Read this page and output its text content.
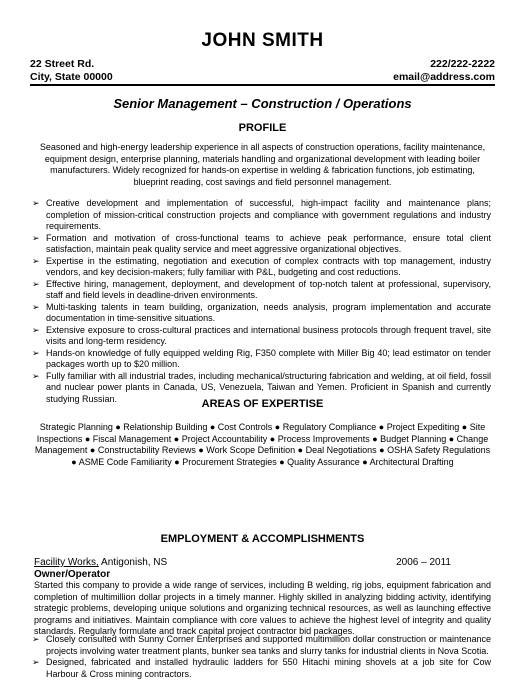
JOHN SMITH
22 Street Rd.
City, State 00000
222/222-2222
email@address.com
Senior Management – Construction / Operations
PROFILE
Seasoned and high-energy leadership experience in all aspects of construction operations, facility maintenance, equipment design, enterprise planning, materials handling and organizational development with leading boiler manufacturers. Widely recognized for hands-on expertise in welding & fabrication functions, job estimating, blueprint reading, cost savings and field personnel management.
➢ Creative development and implementation of successful, high-impact facility and maintenance plans; completion of mission-critical construction projects and compliance with government regulations and industry requirements.
➢ Formation and motivation of cross-functional teams to achieve peak performance, ensure total client satisfaction, maintain peak quality service and meet aggressive organizational objectives.
➢ Expertise in the estimating, negotiation and execution of complex contracts with top management, industry vendors, and key decision-makers; fully familiar with P&L, budgeting and cost reductions.
➢ Effective hiring, management, deployment, and development of top-notch talent at professional, supervisory, staff and field levels in deadline-driven environments.
➢ Multi-tasking talents in team building, organization, needs analysis, program implementation and accurate documentation in time-sensitive situations.
➢ Extensive exposure to cross-cultural practices and international business protocols through frequent travel, site visits and long-term residency.
➢ Hands-on knowledge of fully equipped welding Rig, F350 complete with Miller Big 40; lead estimator on tender packages worth up to $20 million.
➢ Fully familiar with all industrial trades, including mechanical/structuring fabrication and welding, at oil field, fossil and nuclear power plants in Canada, US, Venezuela, Taiwan and Yemen. Proficient in Spanish and currently studying Russian.	AREAS OF EXPERTISE
Strategic Planning ● Relationship Building ● Cost Controls ● Regulatory Compliance ● Project Expediting ● Site Inspections ● Fiscal Management ● Project Accountability ● Process Improvements ● Budget Planning ● Change Management ● Constructability Reviews ● Work Scope Definition ● Deal Negotiations ● OSHA Safety Regulations ● ASME Code Familiarity ● Procurement Strategies ● Quality Assurance ● Architectural Drafting
EMPLOYMENT & ACCOMPLISHMENTS
Facility Works, Antigonish, NS	2006 – 2011
Owner/Operator
Started this company to provide a wide range of services, including B welding, rig jobs, equipment fabrication and completion of multimillion dollar projects in a timely manner. Highly skilled in analyzing bidding activity, identifying strategic problems, developing unique solutions and organizing technical resources, as well as launching effective programs and initiatives. Maintain compliance with core values to achieve the highest level of integrity and quality standards. Regularly formulate and track capital project contractor bid packages.
➢ Closely consulted with Sunny Corner Enterprises and supported multimillion dollar construction or maintenance projects involving water treatment plants, bunker sea tanks and slurry tanks for industrial clients in Nova Scotia.
➢ Designed, fabricated and installed hydraulic ladders for 550 Hitachi mining shovels at a job site for Cow Harbour & Cross mining contractors.
